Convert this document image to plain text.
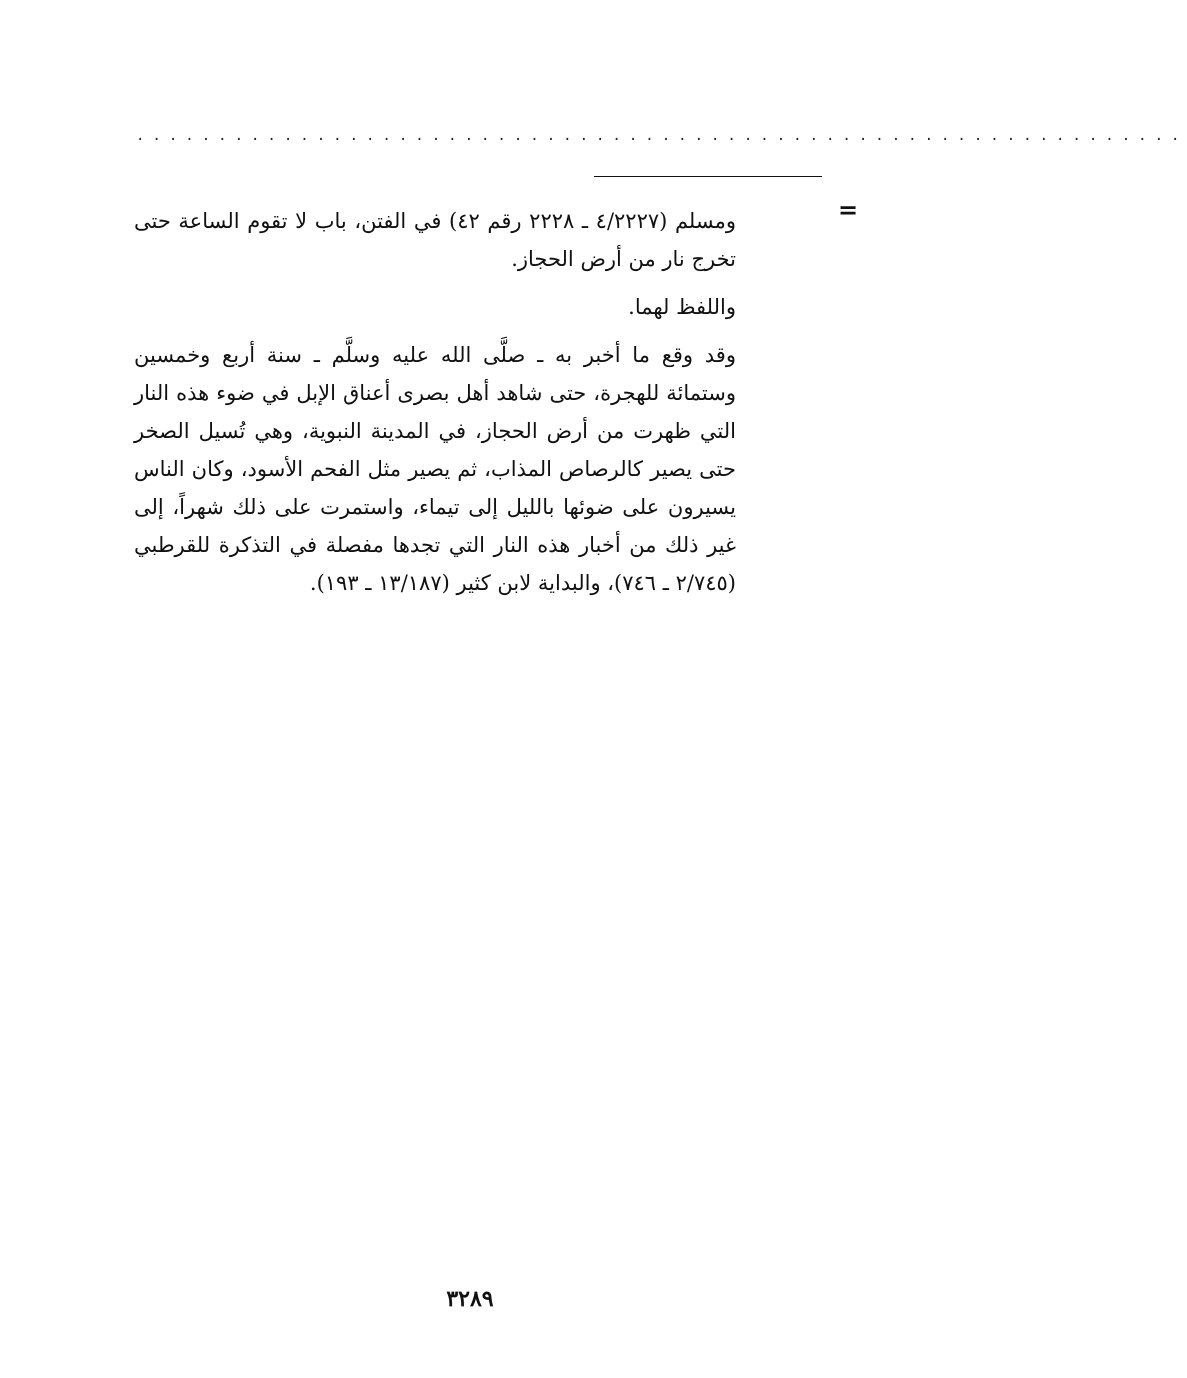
................................................................
=

ومسلم (٤/٢٢٢٧ ـ ٢٢٢٨ رقم ٤٢) في الفتن، باب لا تقوم الساعة حتى تخرج نار من أرض الحجاز.

واللفظ لهما.

وقد وقع ما أخبر به ـ صلَّى الله عليه وسلَّم ـ سنة أربع وخمسين وستمائة للهجرة، حتى شاهد أهل بصرى أعناق الإبل في ضوء هذه النار التي ظهرت من أرض الحجاز، في المدينة النبوية، وهي تُسيل الصخر حتى يصير كالرصاص المذاب، ثم يصير مثل الفحم الأسود، وكان الناس يسيرون على ضوئها بالليل إلى تيماء، واستمرت على ذلك شهراً، إلى غير ذلك من أخبار هذه النار التي تجدها مفصلة في التذكرة للقرطبي (٢/٧٤٥ ـ ٧٤٦)، والبداية لابن كثير (١٣/١٨٧ ـ ١٩٣).

٣٢٨٩
